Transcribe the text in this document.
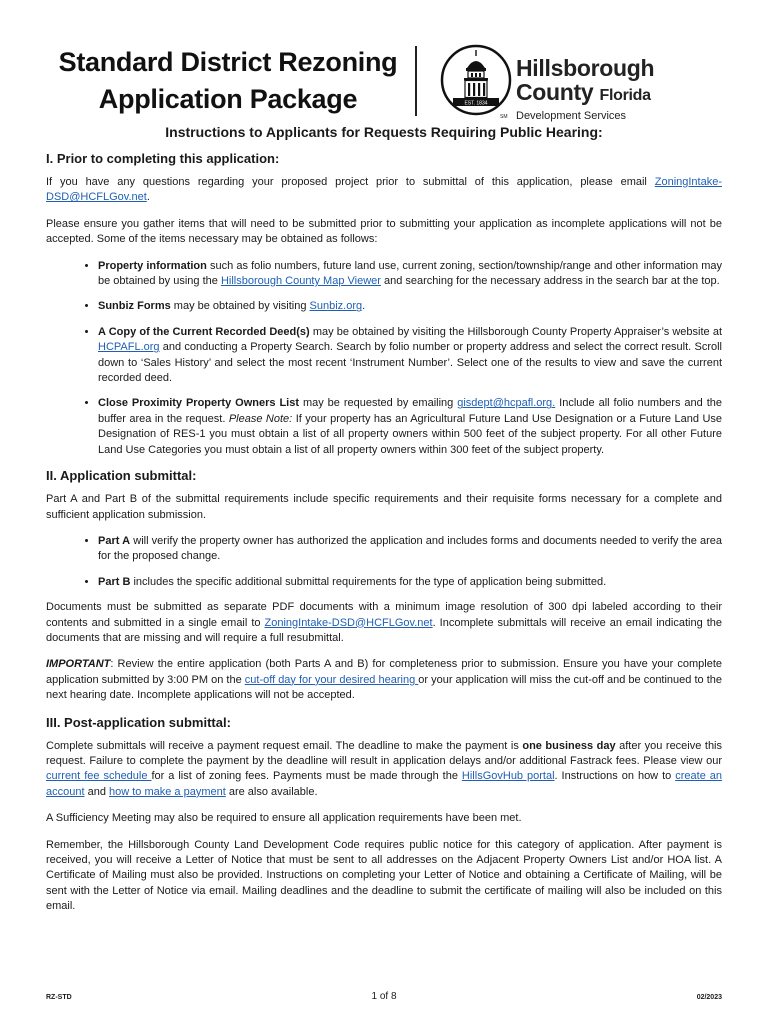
Standard District Rezoning
Application Package	EST. 1834
SM
Hillsborough
County Florida
Development Services
Instructions to Applicants for Requests Requiring Public Hearing:
I. Prior to completing this application:

If you have any questions regarding your proposed project prior to submittal of this application, please email ZoningIntake-DSD@HCFLGov.net.

Please ensure you gather items that will need to be submitted prior to submitting your application as incomplete applications will not be accepted. Some of the items necessary may be obtained as follows:

• Property information such as folio numbers, future land use, current zoning, section/township/range and other information may be obtained by using the Hillsborough County Map Viewer and searching for the necessary address in the search bar at the top.
• Sunbiz Forms may be obtained by visiting Sunbiz.org.
• A Copy of the Current Recorded Deed(s) may be obtained by visiting the Hillsborough County Property Appraiser’s website at HCPAFL.org and conducting a Property Search. Search by folio number or property address and select the correct result. Scroll down to ‘Sales History’ and select the most recent ‘Instrument Number’. Select one of the results to view and save the current recorded deed.
• Close Proximity Property Owners List may be requested by emailing gisdept@hcpafl.org. Include all folio numbers and the buffer area in the request. Please Note: If your property has an Agricultural Future Land Use Designation or a Future Land Use Designation of RES-1 you must obtain a list of all property owners within 500 feet of the subject property. For all other Future Land Use Categories you must obtain a list of all property owners within 300 feet of the subject property.
II. Application submittal:

Part A and Part B of the submittal requirements include specific requirements and their requisite forms necessary for a complete and sufficient application submission.

• Part A will verify the property owner has authorized the application and includes forms and documents needed to verify the area for the proposed change.
• Part B includes the specific additional submittal requirements for the type of application being submitted.

Documents must be submitted as separate PDF documents with a minimum image resolution of 300 dpi labeled according to their contents and submitted in a single email to ZoningIntake-DSD@HCFLGov.net. Incomplete submittals will receive an email indicating the documents that are missing and will require a full resubmittal.

IMPORTANT: Review the entire application (both Parts A and B) for completeness prior to submission. Ensure you have your complete application submitted by 3:00 PM on the cut-off day for your desired hearing or your application will miss the cut-off and be continued to the next hearing date. Incomplete applications will not be accepted.

III. Post-application submittal:

Complete submittals will receive a payment request email. The deadline to make the payment is one business day after you receive this request. Failure to complete the payment by the deadline will result in application delays and/or additional Fastrack fees. Please view our current fee schedule for a list of zoning fees. Payments must be made through the HillsGovHub portal. Instructions on how to create an account and how to make a payment are also available.

A Sufficiency Meeting may also be required to ensure all application requirements have been met.

Remember, the Hillsborough County Land Development Code requires public notice for this category of application. After payment is received, you will receive a Letter of Notice that must be sent to all addresses on the Adjacent Property Owners List and/or HOA list. A Certificate of Mailing must also be provided. Instructions on completing your Letter of Notice and obtaining a Certificate of Mailing, will be sent with the Letter of Notice via email. Mailing deadlines and the deadline to submit the certificate of mailing will also be included on this email.

RZ-STD	1 of 8	02/2023
